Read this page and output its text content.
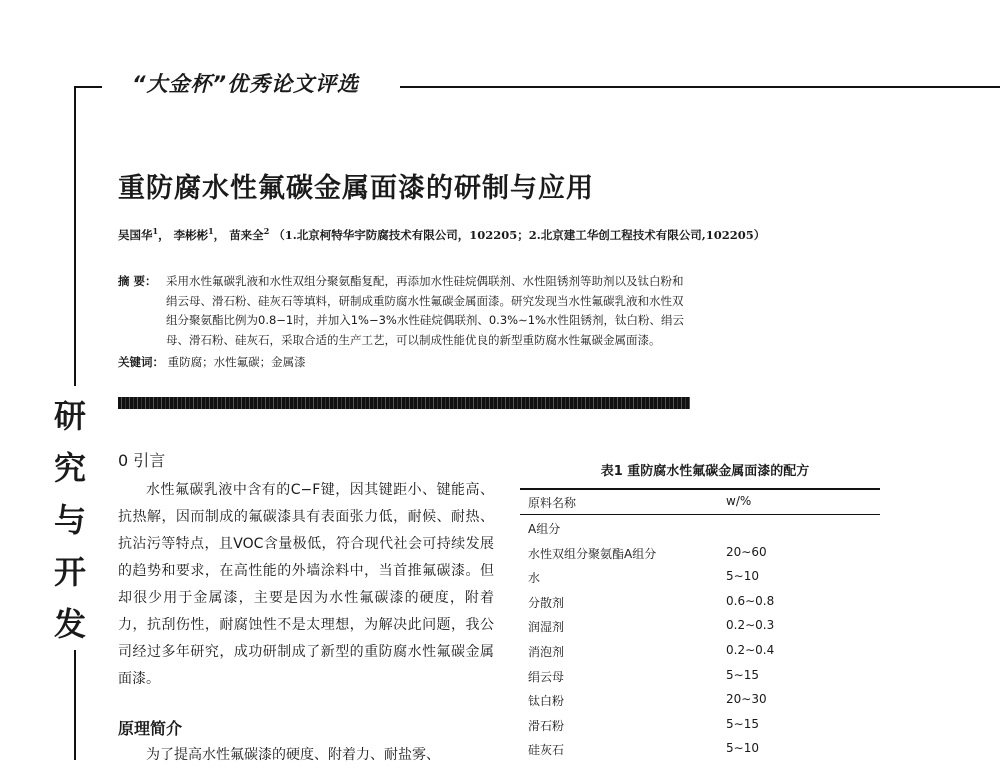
“大金杯”优秀论文评选
重防腐水性氟碳金属面漆的研制与应用
吴国华$^1$， 李彬彬$^1$， 苗来全$^2$ （1.北京柯特华宇防腐技术有限公司，102205；2.北京建工华创工程技术有限公司,102205）
摘 要： 采用水性氟碳乳液和水性双组分聚氨酯复配，再添加水性硅烷偶联剂、水性阻锈剂等助剂以及钛白粉和

绢云母、滑石粉、硅灰石等填料，研制成重防腐水性氟碳金属面漆。研究发现当水性氟碳乳液和水性双

组分聚氨酯比例为0.8−1时，并加入1%−3%水性硅烷偶联剂、0.3%∼1%水性阻锈剂，钛白粉、绢云

母、滑石粉、硅灰石，采取合适的生产工艺，可以制成性能优良的新型重防腐水性氟碳金属面漆。

关键词： 重防腐；水性氟碳；金属漆
研
究
与
开
发
0 引言
水性氟碳乳液中含有的C−F键，因其键距小、键能高、抗热解，因而制成的氟碳漆具有表面张力低，耐候、耐热、抗沾污等特点，且VOC含量极低，符合现代社会可持续发展的趋势和要求，在高性能的外墙涂料中，当首推氟碳漆。但却很少用于金属漆，主要是因为水性氟碳漆的硬度，附着力，抗刮伤性，耐腐蚀性不是太理想，为解决此问题，我公司经过多年研究，成功研制成了新型的重防腐水性氟碳金属面漆。
原理简介
为了提高水性氟碳漆的硬度、附着力、耐盐雾、
表1 重防腐水性氟碳金属面漆的配方
原料名称	w/%
A组分
水性双组分聚氨酯A组分	20∼60
水	5∼10
分散剂	0.6∼0.8
润湿剂	0.2∼0.3
消泡剂	0.2∼0.4
绢云母	5∼15
钛白粉	20∼30
滑石粉	5∼15
硅灰石	5∼10
